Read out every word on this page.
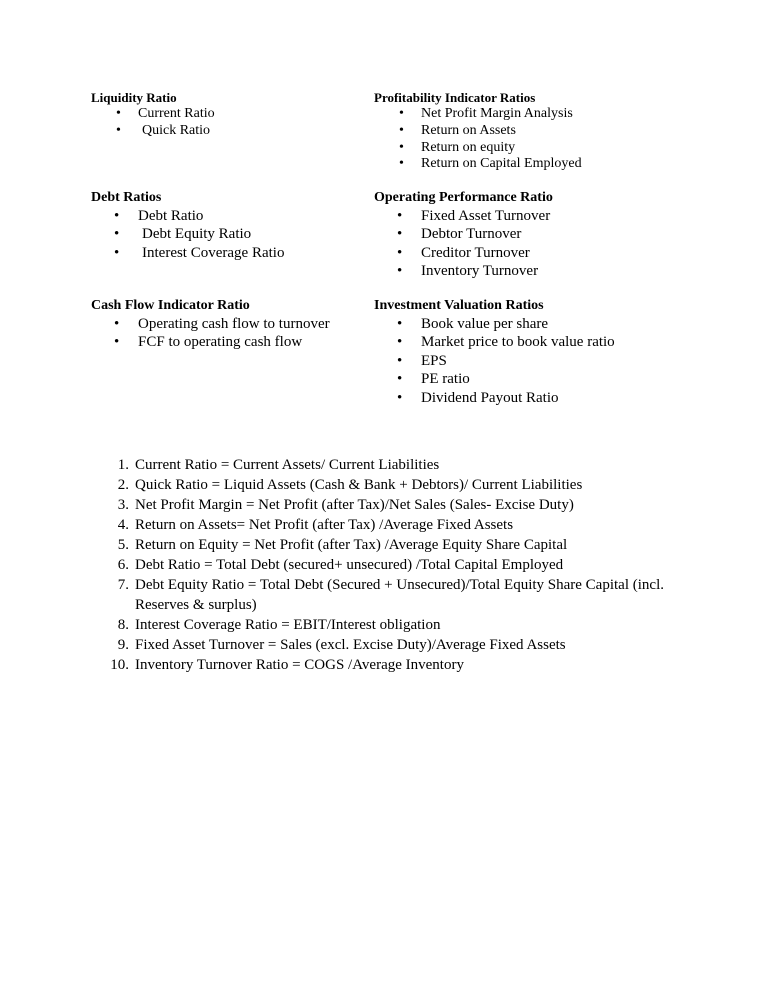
Liquidity Ratio

• Current Ratio
• Quick Ratio

Profitability Indicator Ratios

• Net Profit Margin Analysis
• Return on Assets
• Return on equity
• Return on Capital Employed

Debt Ratios

• Debt Ratio
• Debt Equity Ratio
• Interest Coverage Ratio

Operating Performance Ratio

• Fixed Asset Turnover
• Debtor Turnover
• Creditor Turnover
• Inventory Turnover

Cash Flow Indicator Ratio

• Operating cash flow to turnover
• FCF to operating cash flow

Investment Valuation Ratios

• Book value per share
• Market price to book value ratio
• EPS
• PE ratio
• Dividend Payout Ratio
1. Current Ratio = Current Assets/ Current Liabilities
2. Quick Ratio = Liquid Assets (Cash & Bank + Debtors)/ Current Liabilities
3. Net Profit Margin = Net Profit (after Tax)/Net Sales (Sales- Excise Duty)
4. Return on Assets= Net Profit (after Tax) /Average Fixed Assets
5. Return on Equity = Net Profit (after Tax) /Average Equity Share Capital
6. Debt Ratio = Total Debt (secured+ unsecured) /Total Capital Employed
7. Debt Equity Ratio = Total Debt (Secured + Unsecured)/Total Equity Share Capital (incl. Reserves & surplus)
8. Interest Coverage Ratio = EBIT/Interest obligation
9. Fixed Asset Turnover = Sales (excl. Excise Duty)/Average Fixed Assets
10. Inventory Turnover Ratio = COGS /Average Inventory
